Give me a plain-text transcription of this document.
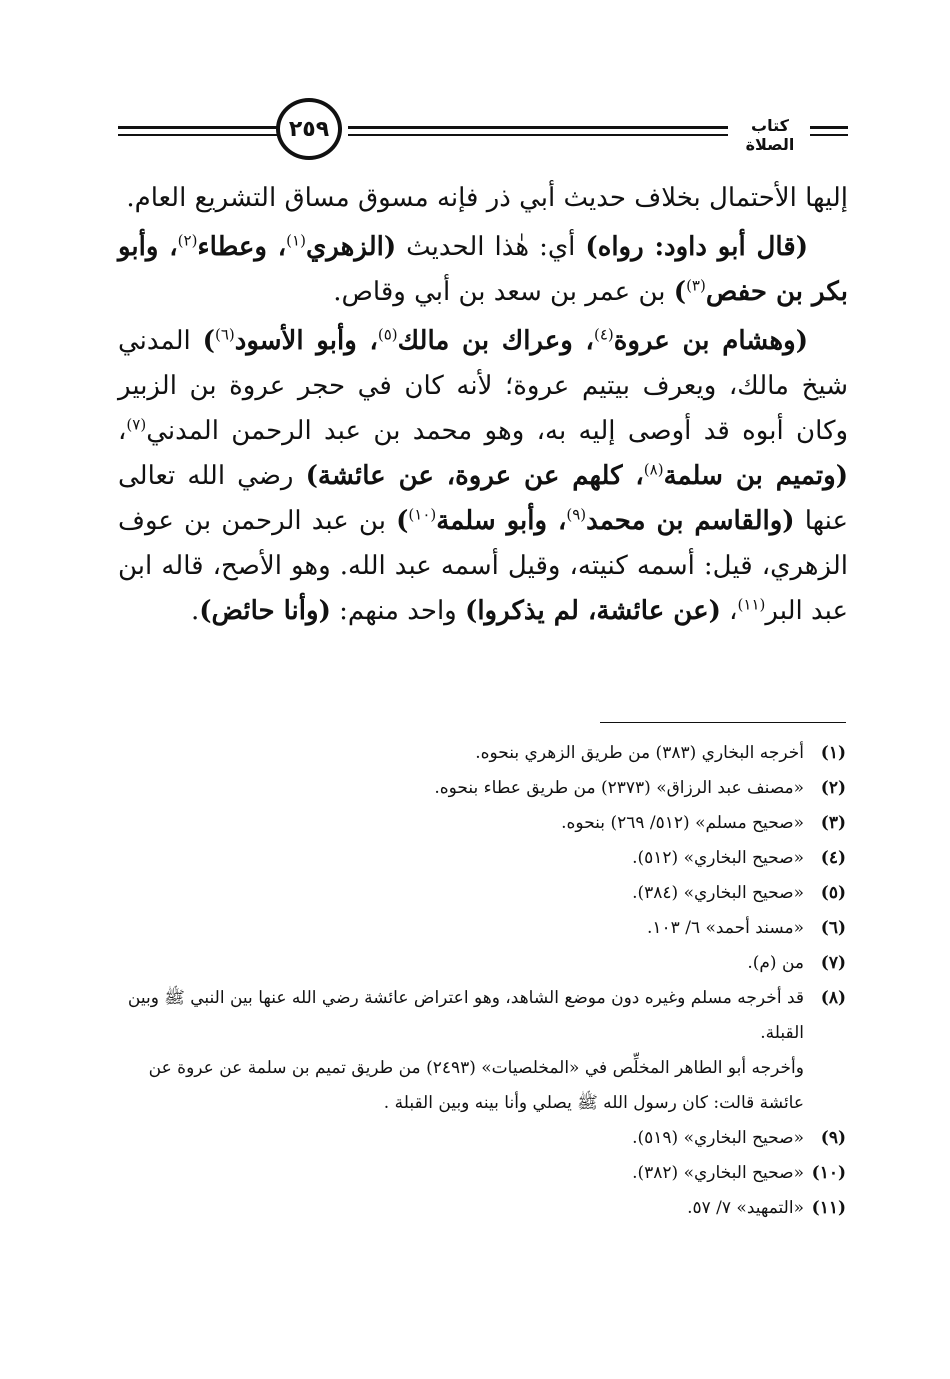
٢٥٩	كتاب الصلاة

إليها الأحتمال بخلاف حديث أبي ذر فإنه مسوق مساق التشريع العام.

(قال أبو داود: رواه) أي: هٰذا الحديث (الزهري$^{(١)}$، وعطاء$^{(٢)}$، وأبو بكر بن حفص$^{(٣)}$) بن عمر بن سعد بن أبي وقاص.

(وهشام بن عروة$^{(٤)}$، وعراك بن مالك$^{(٥)}$، وأبو الأسود$^{(٦)}$) المدني شيخ مالك، ويعرف بيتيم عروة؛ لأنه كان في حجر عروة بن الزبير وكان أبوه قد أوصى إليه به، وهو محمد بن عبد الرحمن المدني$^{(٧)}$، (وتميم بن سلمة$^{(٨)}$، كلهم عن عروة، عن عائشة) رضي الله تعالى عنها (والقاسم بن محمد$^{(٩)}$، وأبو سلمة$^{(١٠)}$) بن عبد الرحمن بن عوف الزهري، قيل: أسمه كنيته، وقيل أسمه عبد الله. وهو الأصح، قاله ابن عبد البر$^{(١١)}$، (عن عائشة، لم يذكروا) واحد منهم: (وأنا حائض).

(١)
أخرجه البخاري (٣٨٣) من طريق الزهري بنحوه.
(٢)
«مصنف عبد الرزاق» (٢٣٧٣) من طريق عطاء بنحوه.
(٣)
«صحيح مسلم» (٥١٢/ ٢٦٩) بنحوه.
(٤)
«صحيح البخاري» (٥١٢).
(٥)
«صحيح البخاري» (٣٨٤).
(٦)
«مسند أحمد» ٦/ ١٠٣.
(٧)
من (م).
(٨)
قد أخرجه مسلم وغيره دون موضع الشاهد، وهو اعتراض عائشة رضي الله عنها بين النبي ﷺ وبين القبلة.
وأخرجه أبو الطاهر المخلِّص في «المخلصيات» (٢٤٩٣) من طريق تميم بن سلمة عن عروة عن عائشة قالت: كان رسول الله ﷺ يصلي وأنا بينه وبين القبلة .
(٩)
«صحيح البخاري» (٥١٩).
(١٠)
«صحيح البخاري» (٣٨٢).
(١١)
«التمهيد» ٧/ ٥٧.
